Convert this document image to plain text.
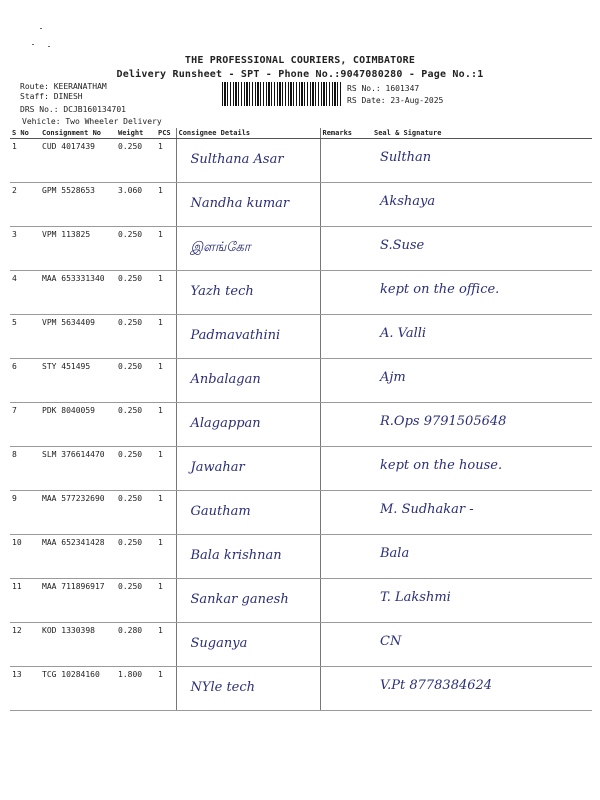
THE PROFESSIONAL COURIERS, COIMBATORE
Delivery Runsheet - SPT - Phone No.:9047080280 - Page No.:1
Route: KEERANATHAM
Staff: DINESH
DRS No.: DCJB160134701
Vehicle: Two Wheeler Delivery
RS No.: 1601347
RS Date: 23-Aug-2025
S No	Consignment No	Weight	PCS	Consignee Details	Remarks	Seal & Signature
1	CUD 4017439	0.250	1	Sulthana Asar		Sulthan

2	GPM 5528653	3.060	1	Nandha kumar		Akshaya

3	VPM 113825	0.250	1	இளங்கோ		S.Suse

4	MAA 653331340	0.250	1	Yazh tech		kept on the office.

5	VPM 5634409	0.250	1	Padmavathini		A. Valli

6	STY 451495	0.250	1	Anbalagan		Ajm

7	PDK 8040059	0.250	1	Alagappan		R.Ops 9791505648

8	SLM 376614470	0.250	1	Jawahar		kept on the house.

9	MAA 577232690	0.250	1	Gautham		M. Sudhakar -

10	MAA 652341428	0.250	1	Bala krishnan		Bala

11	MAA 711896917	0.250	1	Sankar ganesh		T. Lakshmi

12	KOD 1330398	0.280	1	Suganya		CN

13	TCG 10284160	1.800	1	NYle tech		V.Pt 8778384624
